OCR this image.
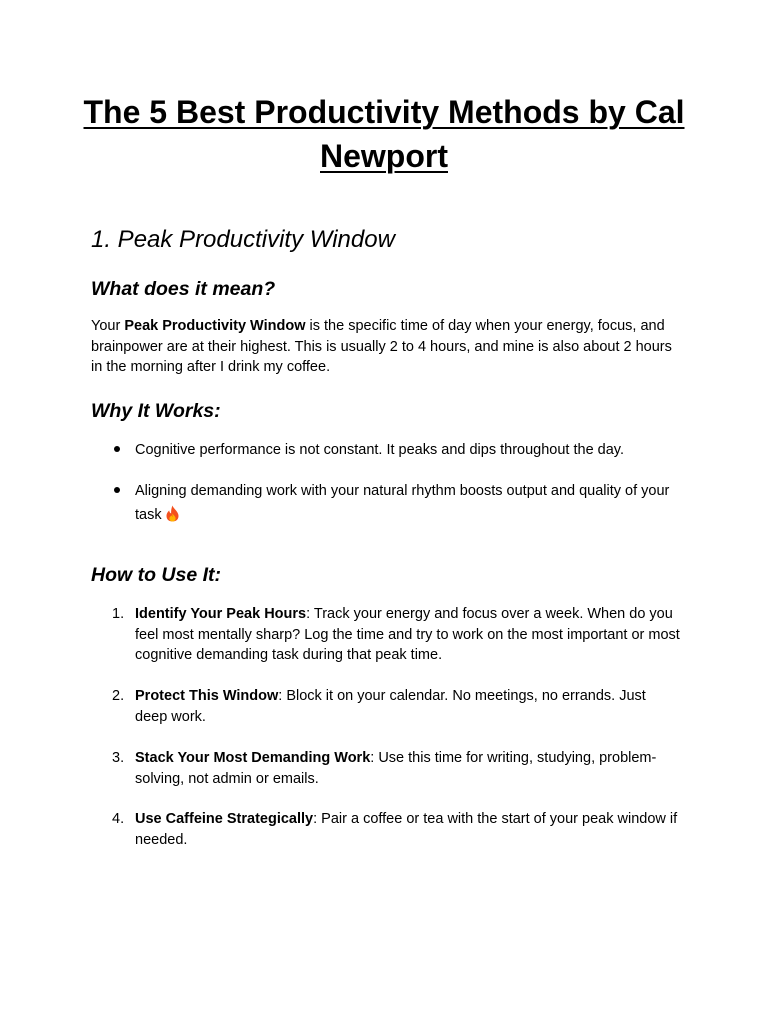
The 5 Best Productivity Methods by Cal Newport
1. Peak Productivity Window
What does it mean?

Your Peak Productivity Window is the specific time of day when your energy, focus, and brainpower are at their highest. This is usually 2 to 4 hours, and mine is also about 2 hours in the morning after I drink my coffee.

Why It Works:
Cognitive performance is not constant. It peaks and dips throughout the day.
Aligning demanding work with your natural rhythm boosts output and quality of your task
How to Use It:
1. Identify Your Peak Hours: Track your energy and focus over a week. When do you feel most mentally sharp? Log the time and try to work on the most important or most cognitive demanding task during that peak time.
2. Protect This Window: Block it on your calendar. No meetings, no errands. Just deep work.
3. Stack Your Most Demanding Work: Use this time for writing, studying, problem-solving, not admin or emails.
4. Use Caffeine Strategically: Pair a coffee or tea with the start of your peak window if needed.
